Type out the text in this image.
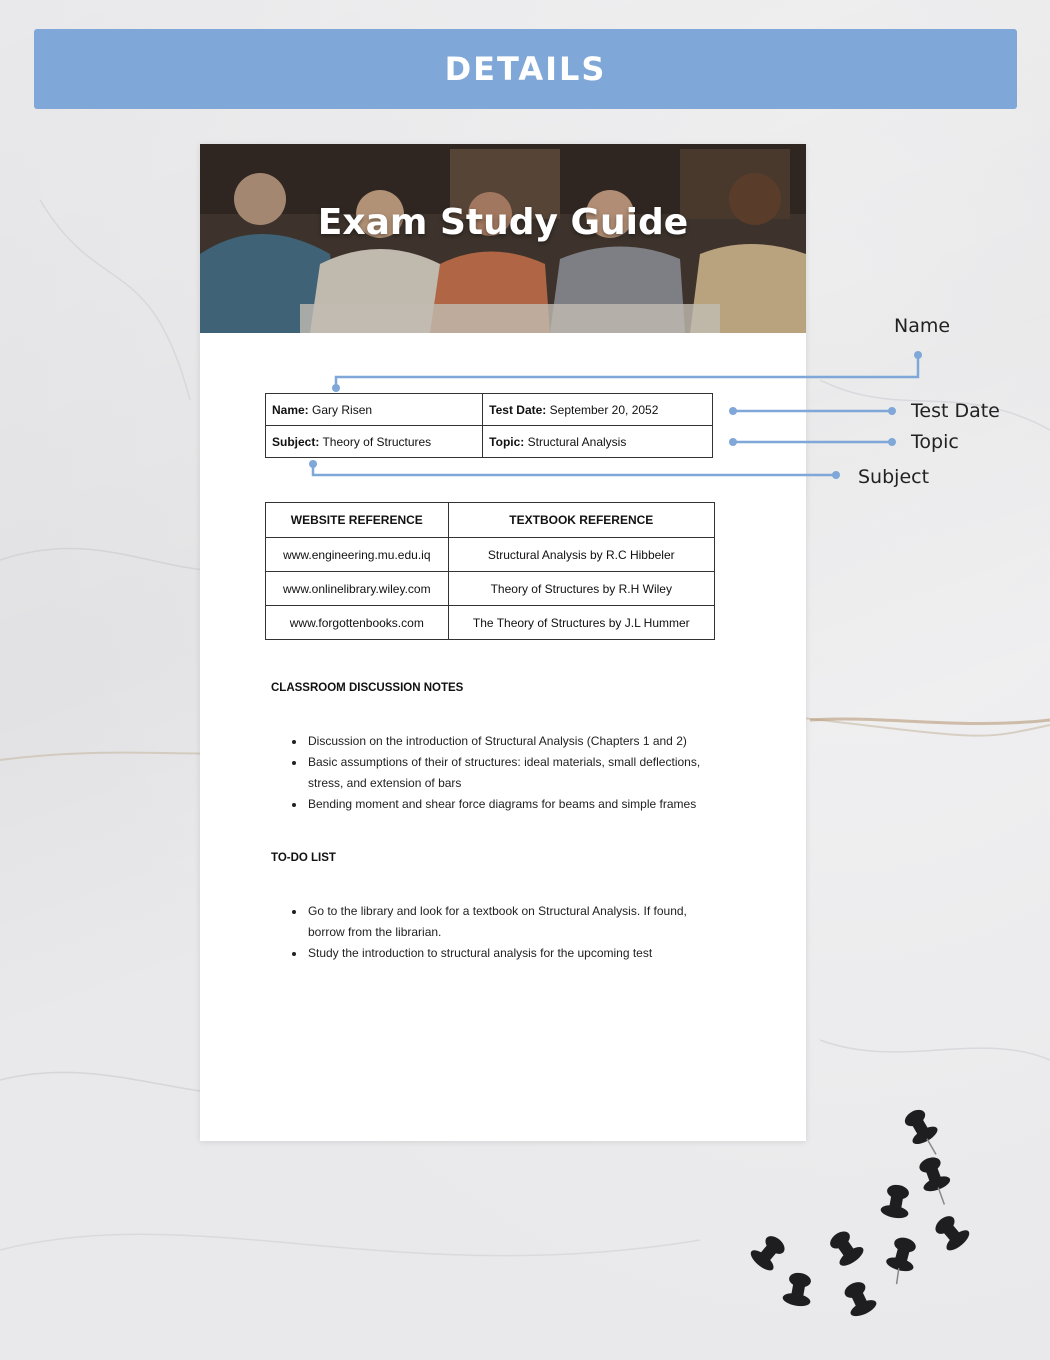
DETAILS
Exam Study Guide
Name: Gary Risen	Test Date: September 20, 2052
Subject: Theory of Structures	Topic: Structural Analysis
WEBSITE REFERENCE	TEXTBOOK REFERENCE
www.engineering.mu.edu.iq	Structural Analysis by R.C Hibbeler
www.onlinelibrary.wiley.com	Theory of Structures by R.H Wiley
www.forgottenbooks.com	The Theory of Structures by J.L Hummer
CLASSROOM DISCUSSION NOTES
• Discussion on the introduction of Structural Analysis (Chapters 1 and 2)
• Basic assumptions of their of structures: ideal materials, small deflections, stress, and extension of bars
• Bending moment and shear force diagrams for beams and simple frames
TO-DO LIST
• Go to the library and look for a textbook on Structural Analysis. If found, borrow from the librarian.
• Study the introduction to structural analysis for the upcoming test
Name
Test Date
Topic
Subject
